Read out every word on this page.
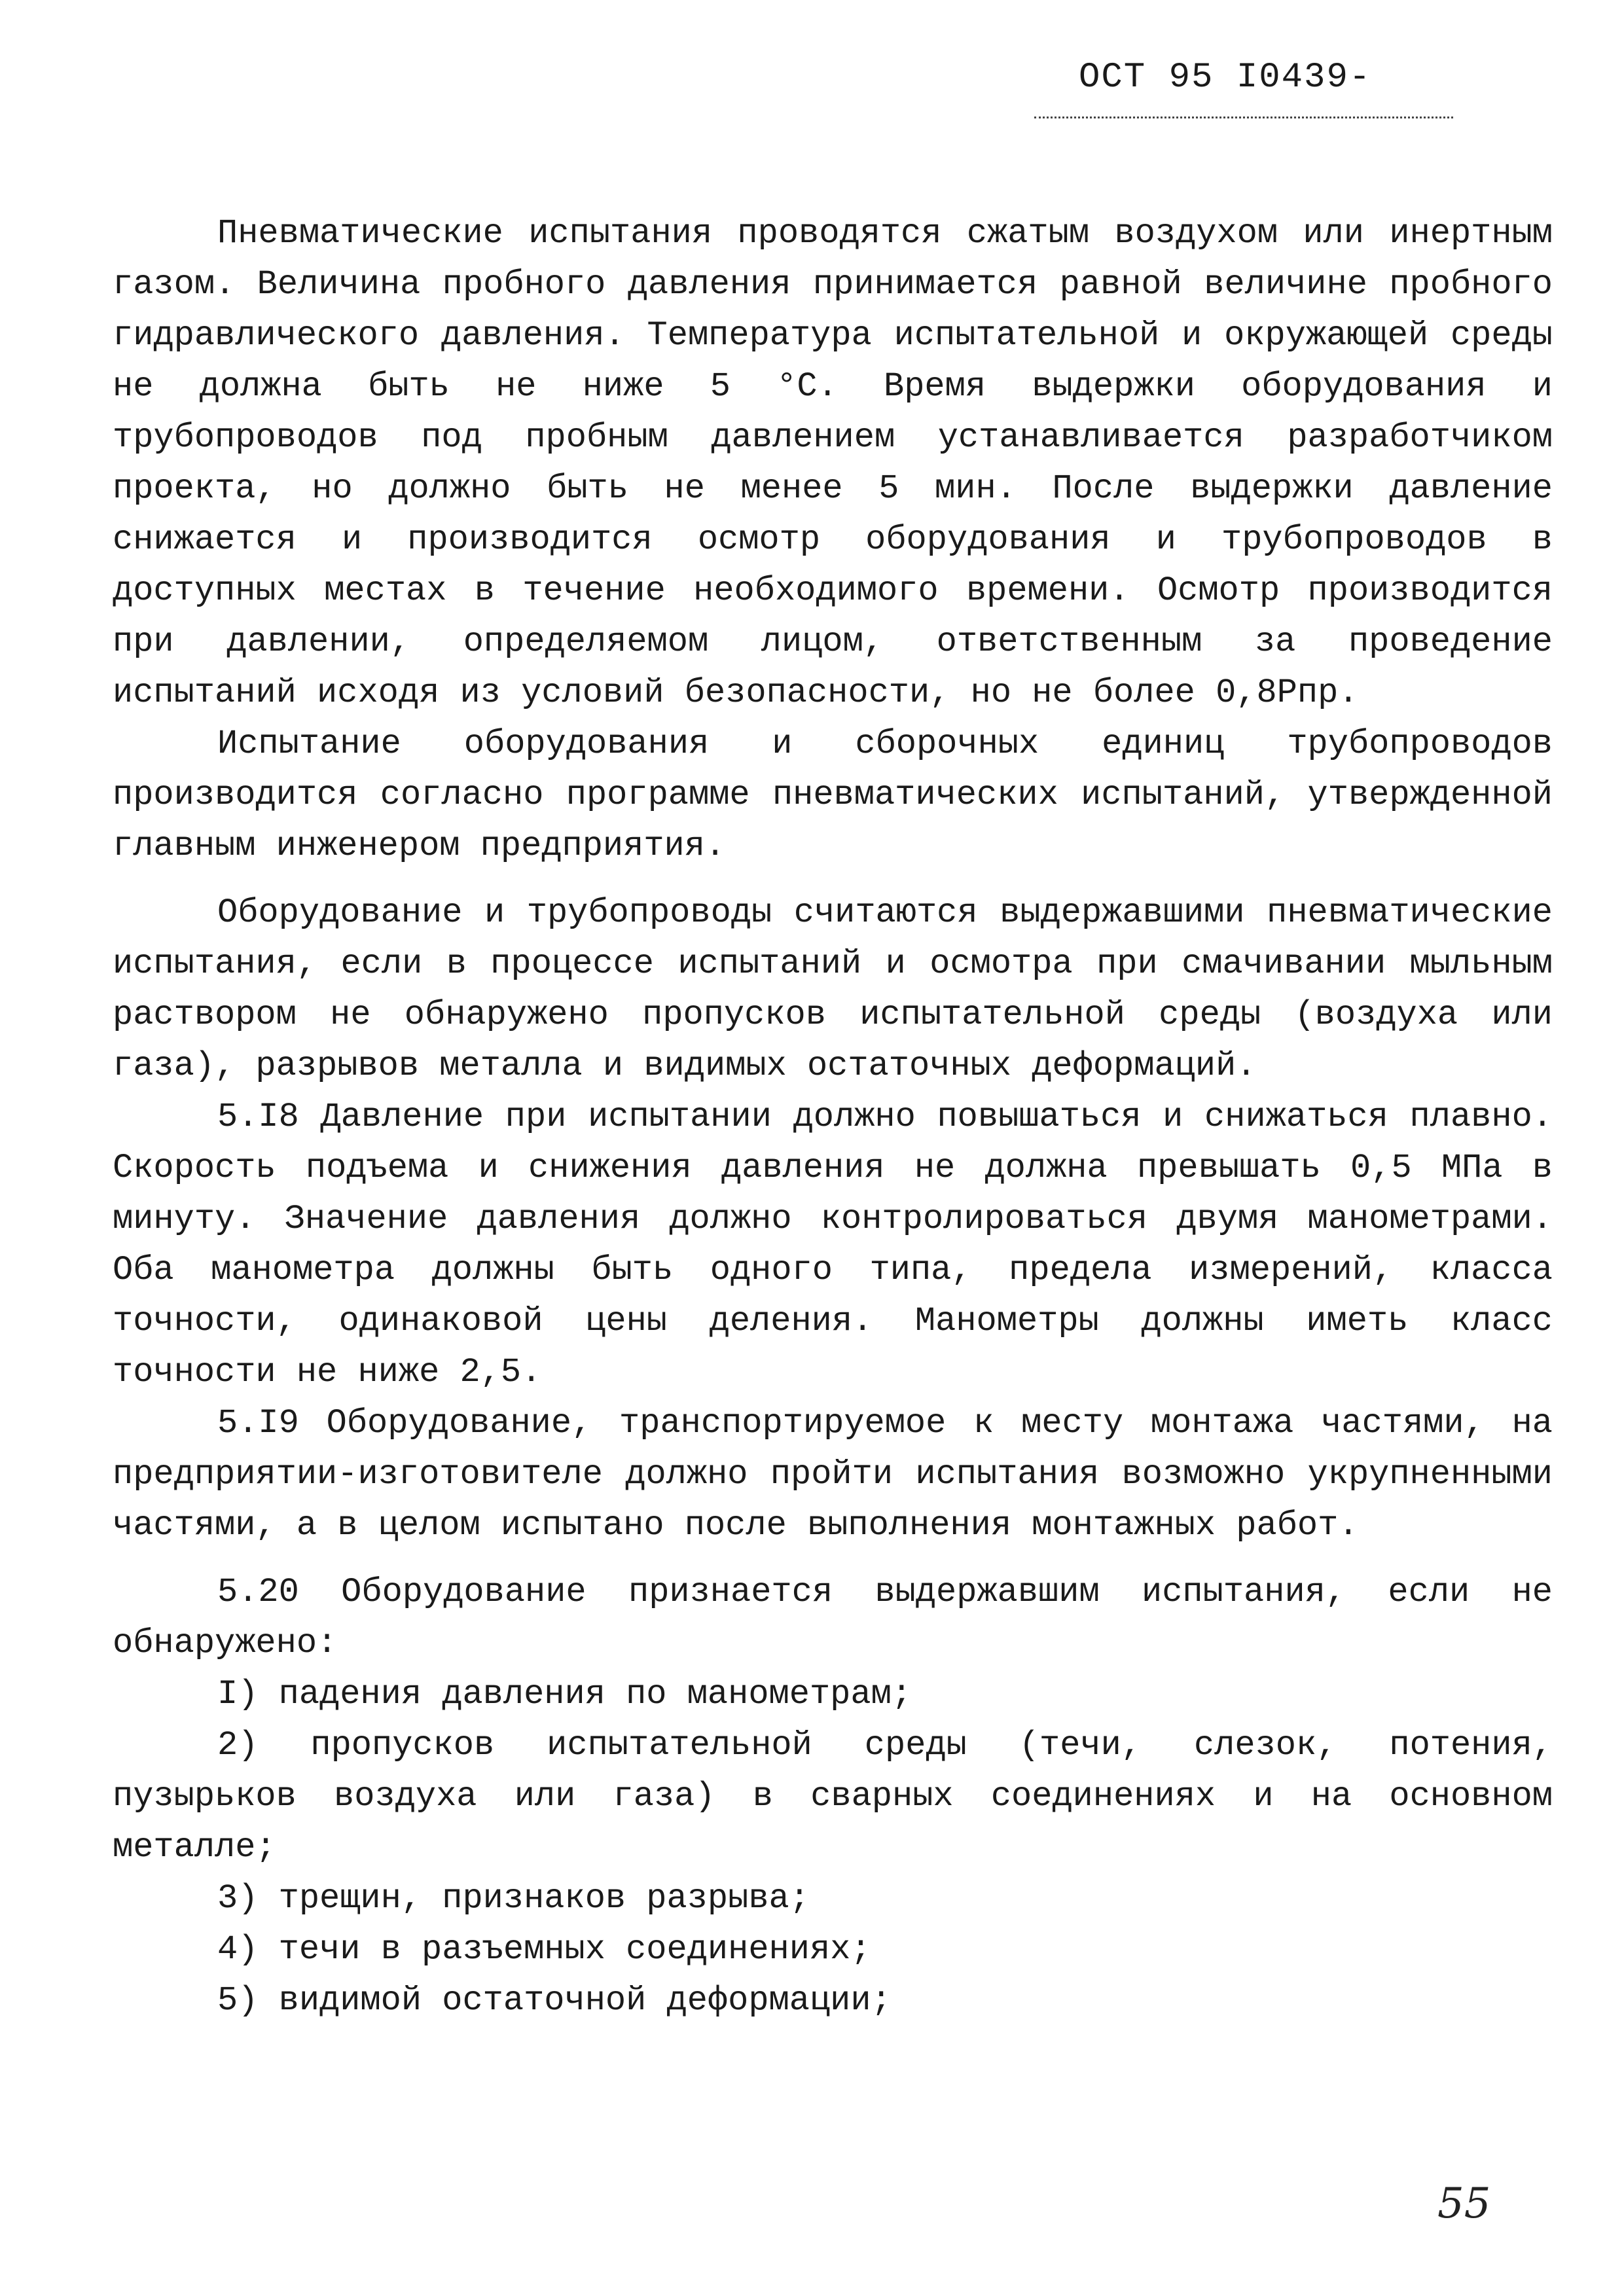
ОСТ 95 I0439-

Пневматические испытания проводятся сжатым воздухом или инертным газом. Величина пробного давления принимается равной величине пробного гидравлического давления. Температура испытательной и окружающей среды не должна быть не ниже 5 °С. Время выдержки оборудования и трубопроводов под пробным давлением устанавливается разработчиком проекта, но должно быть не менее 5 мин. После выдержки давление снижается и производится осмотр оборудования и трубопроводов в доступных местах в течение необходимого времени. Осмотр производится при давлении, определяемом лицом, ответственным за проведение испытаний исходя из условий безопасности, но не более 0,8Pпр.

Испытание оборудования и сборочных единиц трубопроводов производится согласно программе пневматических испытаний, утвержденной главным инженером предприятия.

Оборудование и трубопроводы считаются выдержавшими пневматические испытания, если в процессе испытаний и осмотра при смачивании мыльным раствором не обнаружено пропусков испытательной среды (воздуха или газа), разрывов металла и видимых остаточных деформаций.

5.I8 Давление при испытании должно повышаться и снижаться плавно. Скорость подъема и снижения давления не должна превышать 0,5 МПа в минуту. Значение давления должно контролироваться двумя манометрами. Оба манометра должны быть одного типа, предела измерений, класса точности, одинаковой цены деления. Манометры должны иметь класс точности не ниже 2,5.

5.I9 Оборудование, транспортируемое к месту монтажа частями, на предприятии-изготовителе должно пройти испытания возможно укрупненными частями, а в целом испытано после выполнения монтажных работ.

5.20 Оборудование признается выдержавшим испытания, если не обнаружено:

I) падения давления по манометрам;
2) пропусков испытательной среды (течи, слезок, потения, пузырьков воздуха или газа) в сварных соединениях и на основном металле;
3) трещин, признаков разрыва;
4) течи в разъемных соединениях;
5) видимой остаточной деформации;
55
